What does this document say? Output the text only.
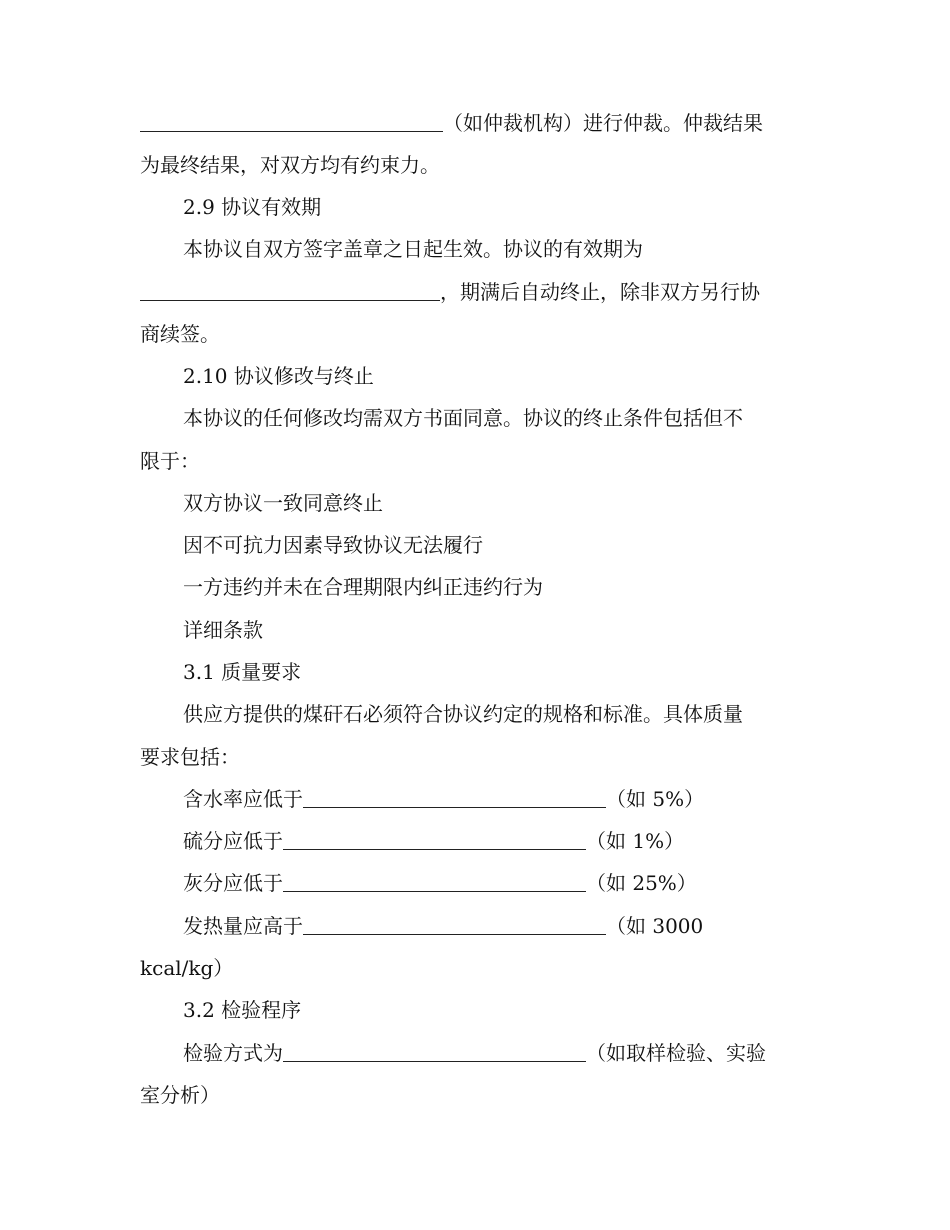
（如仲裁机构）进行仲裁。仲裁结果
为最终结果，对双方均有约束力。
2.9 协议有效期
本协议自双方签字盖章之日起生效。协议的有效期为
，期满后自动终止，除非双方另行协
商续签。
2.10 协议修改与终止
本协议的任何修改均需双方书面同意。协议的终止条件包括但不
限于：
双方协议一致同意终止
因不可抗力因素导致协议无法履行
一方违约并未在合理期限内纠正违约行为
详细条款
3.1 质量要求
供应方提供的煤矸石必须符合协议约定的规格和标准。具体质量
要求包括：
含水率应低于	（如 5%）
硫分应低于	（如 1%）
灰分应低于	（如 25%）
发热量应高于	（如 3000
kcal/kg）
3.2 检验程序
检验方式为	（如取样检验、实验
室分析）
